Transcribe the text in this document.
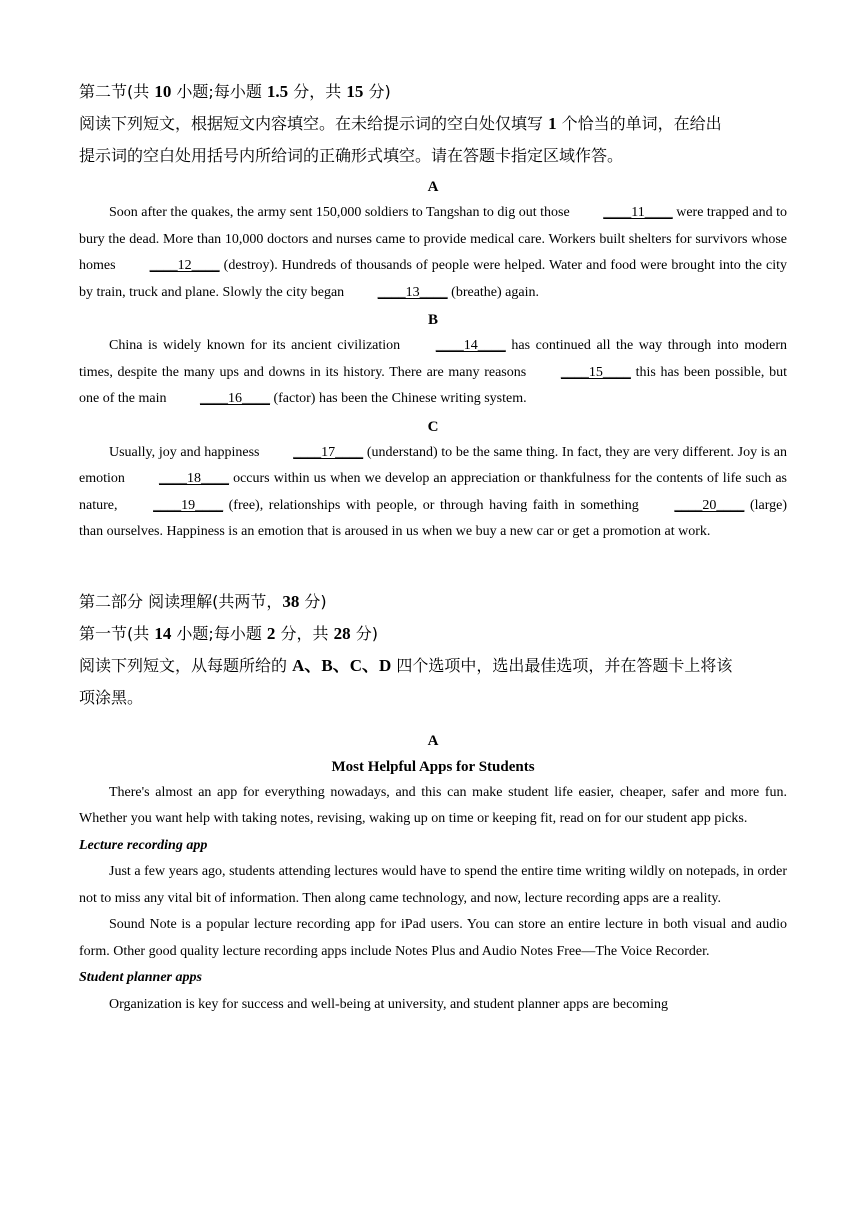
第二节(共 10 小题;每小题 1.5 分，共 15 分)

阅读下列短文，根据短文内容填空。在未给提示词的空白处仅填写 1 个恰当的单词，在给出
提示词的空白处用括号内所给词的正确形式填空。请在答题卡指定区域作答。

A

Soon after the quakes, the army sent 150,000 soldiers to Tangshan to dig out those ____11____ were trapped and to bury the dead. More than 10,000 doctors and nurses came to provide medical care. Workers built shelters for survivors whose homes ____12____ (destroy). Hundreds of thousands of people were helped. Water and food were brought into the city by train, truck and plane. Slowly the city began ____13____ (breathe) again.

B

China is widely known for its ancient civilization ____14____ has continued all the way through into modern times, despite the many ups and downs in its history. There are many reasons ____15____ this has been possible, but one of the main ____16____ (factor) has been the Chinese writing system.

C

Usually, joy and happiness ____17____ (understand) to be the same thing. In fact, they are very different. Joy is an emotion ____18____ occurs within us when we develop an appreciation or thankfulness for the contents of life such as nature, ____19____ (free), relationships with people, or through having faith in something ____20____ (large) than ourselves. Happiness is an emotion that is aroused in us when we buy a new car or get a promotion at work.

第二部分 阅读理解(共两节，38 分)

第一节(共 14 小题;每小题 2 分，共 28 分)

阅读下列短文，从每题所给的 A、B、C、D 四个选项中，选出最佳选项，并在答题卡上将该
项涂黑。

A

Most Helpful Apps for Students

There's almost an app for everything nowadays, and this can make student life easier, cheaper, safer and more fun. Whether you want help with taking notes, revising, waking up on time or keeping fit, read on for our student app picks.

Lecture recording app

Just a few years ago, students attending lectures would have to spend the entire time writing wildly on notepads, in order not to miss any vital bit of information. Then along came technology, and now, lecture recording apps are a reality.

Sound Note is a popular lecture recording app for iPad users. You can store an entire lecture in both visual and audio form. Other good quality lecture recording apps include Notes Plus and Audio Notes Free—The Voice Recorder.

Student planner apps

Organization is key for success and well-being at university, and student planner apps are becoming
